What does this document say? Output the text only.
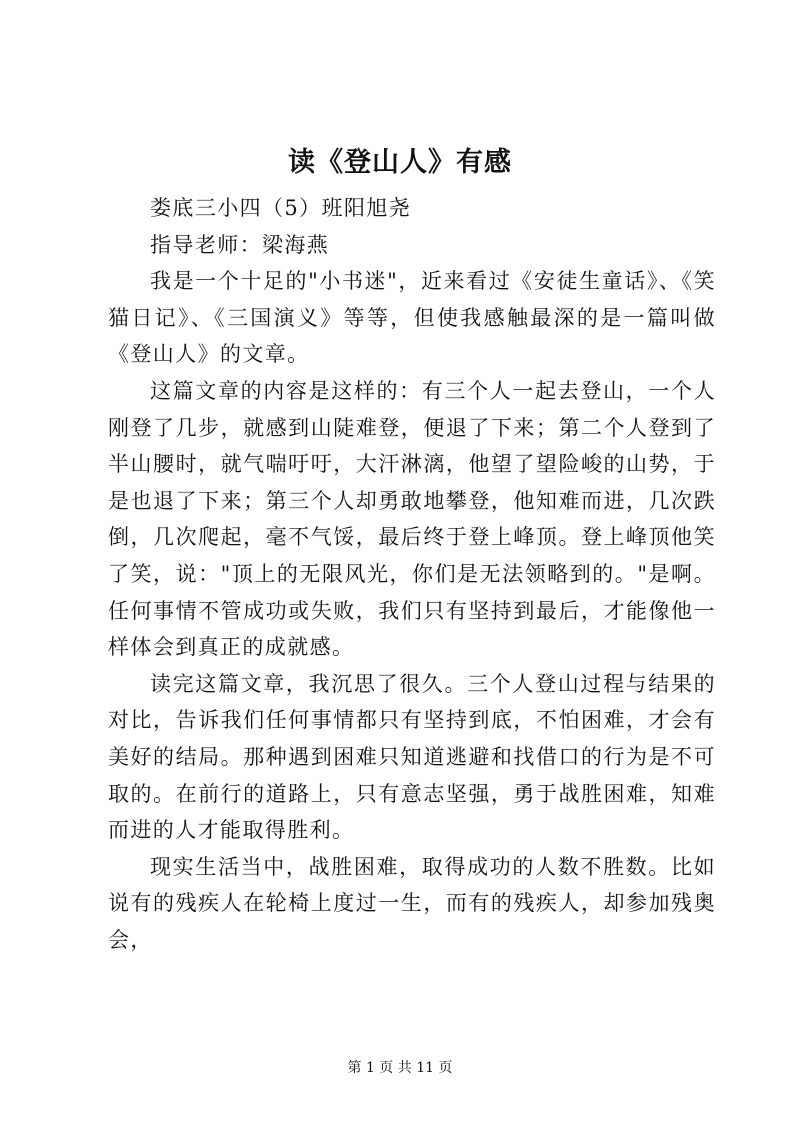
读《登山人》有感

娄底三小四（5）班阳旭尧

指导老师：梁海燕

我是一个十足的"小书迷"，近来看过《安徒生童话》、《笑猫日记》、《三国演义》等等，但使我感触最深的是一篇叫做《登山人》的文章。

这篇文章的内容是这样的：有三个人一起去登山，一个人刚登了几步，就感到山陡难登，便退了下来；第二个人登到了半山腰时，就气喘吁吁，大汗淋漓，他望了望险峻的山势，于是也退了下来；第三个人却勇敢地攀登，他知难而进，几次跌倒，几次爬起，毫不气馁，最后终于登上峰顶。登上峰顶他笑了笑，说："顶上的无限风光，你们是无法领略到的。"是啊。任何事情不管成功或失败，我们只有坚持到最后，才能像他一样体会到真正的成就感。

读完这篇文章，我沉思了很久。三个人登山过程与结果的对比，告诉我们任何事情都只有坚持到底，不怕困难，才会有美好的结局。那种遇到困难只知道逃避和找借口的行为是不可取的。在前行的道路上，只有意志坚强，勇于战胜困难，知难而进的人才能取得胜利。

现实生活当中，战胜困难，取得成功的人数不胜数。比如说有的残疾人在轮椅上度过一生，而有的残疾人，却参加残奥会，

第 1 页 共 11 页
